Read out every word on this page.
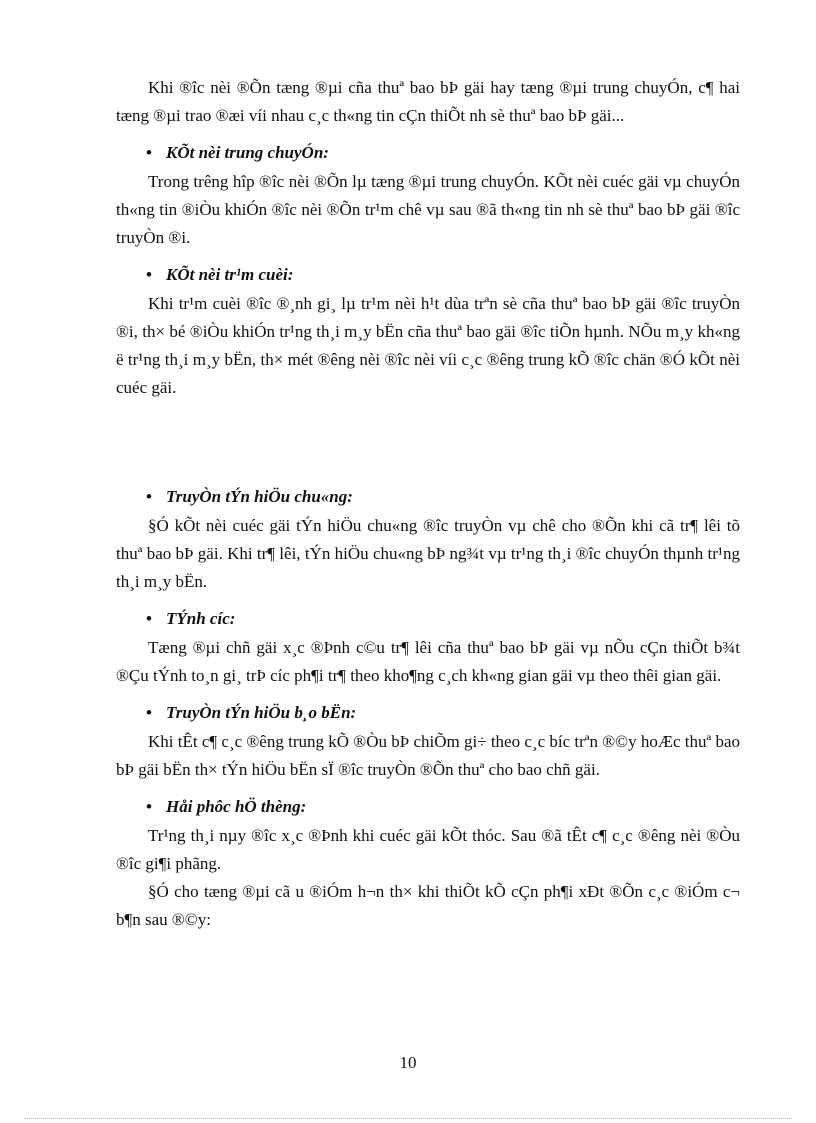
Khi ®îc nèi ®Õn tæng ®µi cña thuª bao bÞ gäi hay tæng ®µi trung chuyÓn, c¶ hai tæng ®µi trao ®æi víi nhau c¸c th«ng tin cÇn thiÕt nh sè thuª bao bÞ gäi...

• KÕt nèi trung chuyÓn:

Trong trêng hîp ®îc nèi ®Õn lµ tæng ®µi trung chuyÓn. KÕt nèi cuéc gäi vµ chuyÓn th«ng tin ®iÒu khiÓn ®îc nèi ®Õn tr¹m chê vµ sau ®ã th«ng tin nh sè thuª bao bÞ gäi ®îc truyÒn ®i.

• KÕt nèi tr¹m cuèi:

Khi tr¹m cuèi ®îc ®¸nh gi¸ lµ tr¹m nèi h¹t dùa trªn sè cña thuª bao bÞ gäi ®îc truyÒn ®i, th× bé ®iÒu khiÓn tr¹ng th¸i m¸y bËn cña thuª bao gäi ®îc tiÕn hµnh. NÕu m¸y kh«ng ë tr¹ng th¸i m¸y bËn, th× mét ®êng nèi ®îc nèi víi c¸c ®êng trung kÕ ®îc chän ®Ó kÕt nèi cuéc gäi.

• TruyÒn tÝn hiÖu chu«ng:

§Ó kÕt nèi cuéc gäi tÝn hiÖu chu«ng ®îc truyÒn vµ chê cho ®Õn khi cã tr¶ lêi tõ thuª bao bÞ gäi. Khi tr¶ lêi, tÝn hiÖu chu«ng bÞ ng¾t vµ tr¹ng th¸i ®îc chuyÓn thµnh tr¹ng th¸i m¸y bËn.

• TÝnh cíc:

Tæng ®µi chñ gäi x¸c ®Þnh c©u tr¶ lêi cña thuª bao bÞ gäi vµ nÕu cÇn thiÕt b¾t ®Çu tÝnh to¸n gi¸ trÞ cíc ph¶i tr¶ theo kho¶ng c¸ch kh«ng gian gäi vµ theo thêi gian gäi.

• TruyÒn tÝn hiÖu b¸o bËn:

Khi tÊt c¶ c¸c ®êng trung kÕ ®Òu bÞ chiÕm gi÷ theo c¸c bíc trªn ®©y hoÆc thuª bao bÞ gäi bËn th× tÝn hiÖu bËn sÏ ®îc truyÒn ®Õn thuª cho bao chñ gäi.

• Håi phôc hÖ thèng:

Tr¹ng th¸i nµy ®îc x¸c ®Þnh khi cuéc gäi kÕt thóc. Sau ®ã tÊt c¶ c¸c ®êng nèi ®Òu ®îc gi¶i phãng.

§Ó cho tæng ®µi cã u ®iÓm h¬n th× khi thiÕt kÕ cÇn ph¶i xÐt ®Õn c¸c ®iÓm c¬ b¶n sau ®©y:

10
